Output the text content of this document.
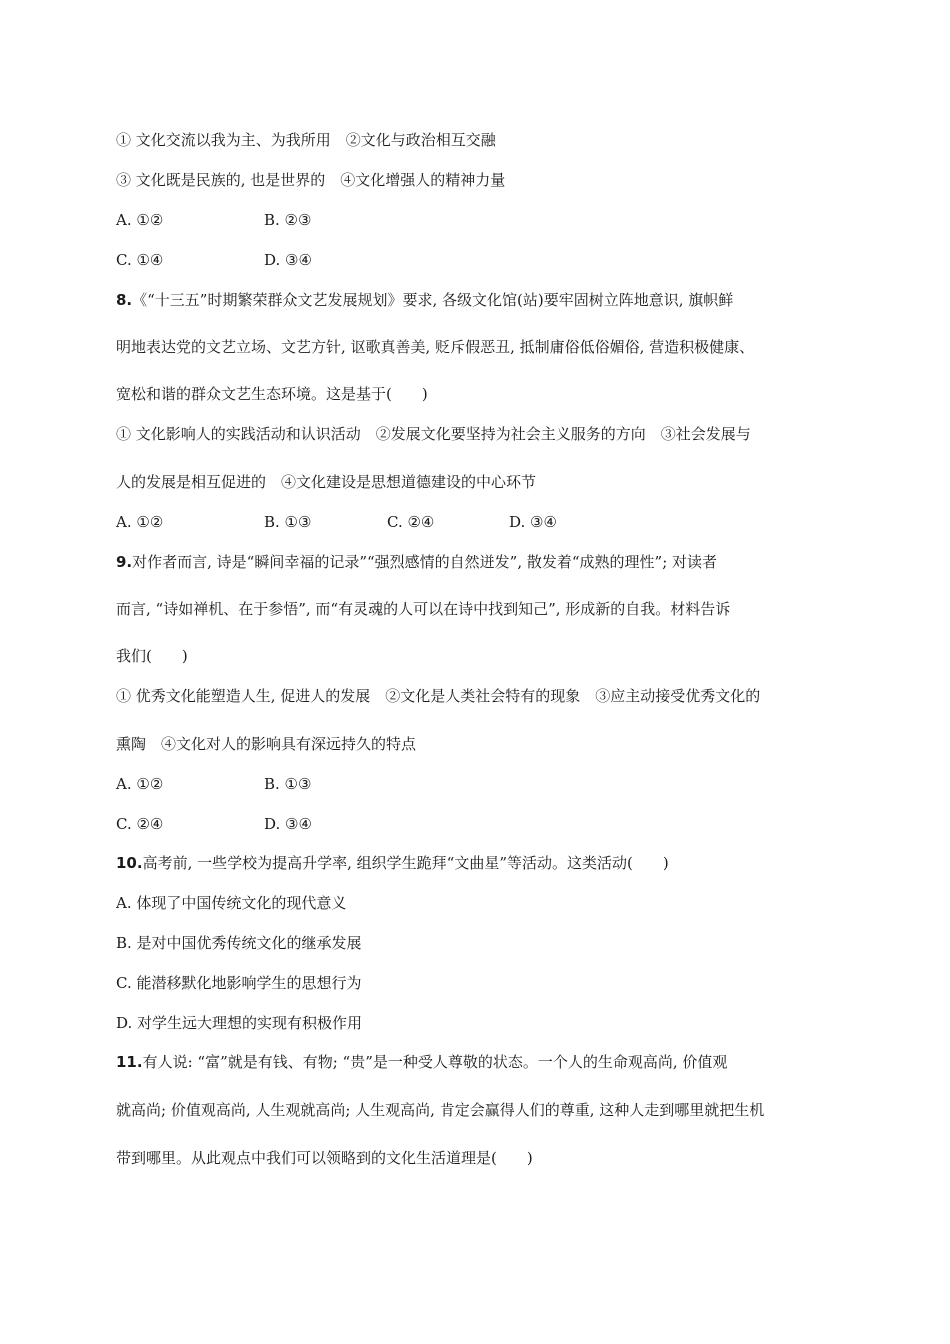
① 文化交流以我为主、为我所用　②文化与政治相互交融
③ 文化既是民族的, 也是世界的　④文化增强人的精神力量
A. ①②	B. ②③
C. ①④	D. ③④
8.《“十三五”时期繁荣群众文艺发展规划》要求, 各级文化馆(站)要牢固树立阵地意识, 旗帜鲜
明地表达党的文艺立场、文艺方针, 讴歌真善美, 贬斥假恶丑, 抵制庸俗低俗媚俗, 营造积极健康、
宽松和谐的群众文艺生态环境。这是基于(　　)
① 文化影响人的实践活动和认识活动　②发展文化要坚持为社会主义服务的方向　③社会发展与
人的发展是相互促进的　④文化建设是思想道德建设的中心环节
A. ①②	B. ①③	C. ②④	D. ③④
9.对作者而言, 诗是“瞬间幸福的记录”“强烈感情的自然迸发”, 散发着“成熟的理性”; 对读者
而言, “诗如禅机、在于参悟”, 而“有灵魂的人可以在诗中找到知己”, 形成新的自我。材料告诉
我们(　　)
① 优秀文化能塑造人生, 促进人的发展　②文化是人类社会特有的现象　③应主动接受优秀文化的
熏陶　④文化对人的影响具有深远持久的特点
A. ①②	B. ①③
C. ②④	D. ③④
10.高考前, 一些学校为提高升学率, 组织学生跪拜“文曲星”等活动。这类活动(　　)
A. 体现了中国传统文化的现代意义
B. 是对中国优秀传统文化的继承发展
C. 能潜移默化地影响学生的思想行为
D. 对学生远大理想的实现有积极作用
11.有人说: “富”就是有钱、有物; “贵”是一种受人尊敬的状态。一个人的生命观高尚, 价值观
就高尚; 价值观高尚, 人生观就高尚; 人生观高尚, 肯定会赢得人们的尊重, 这种人走到哪里就把生机
带到哪里。从此观点中我们可以领略到的文化生活道理是(　　)
